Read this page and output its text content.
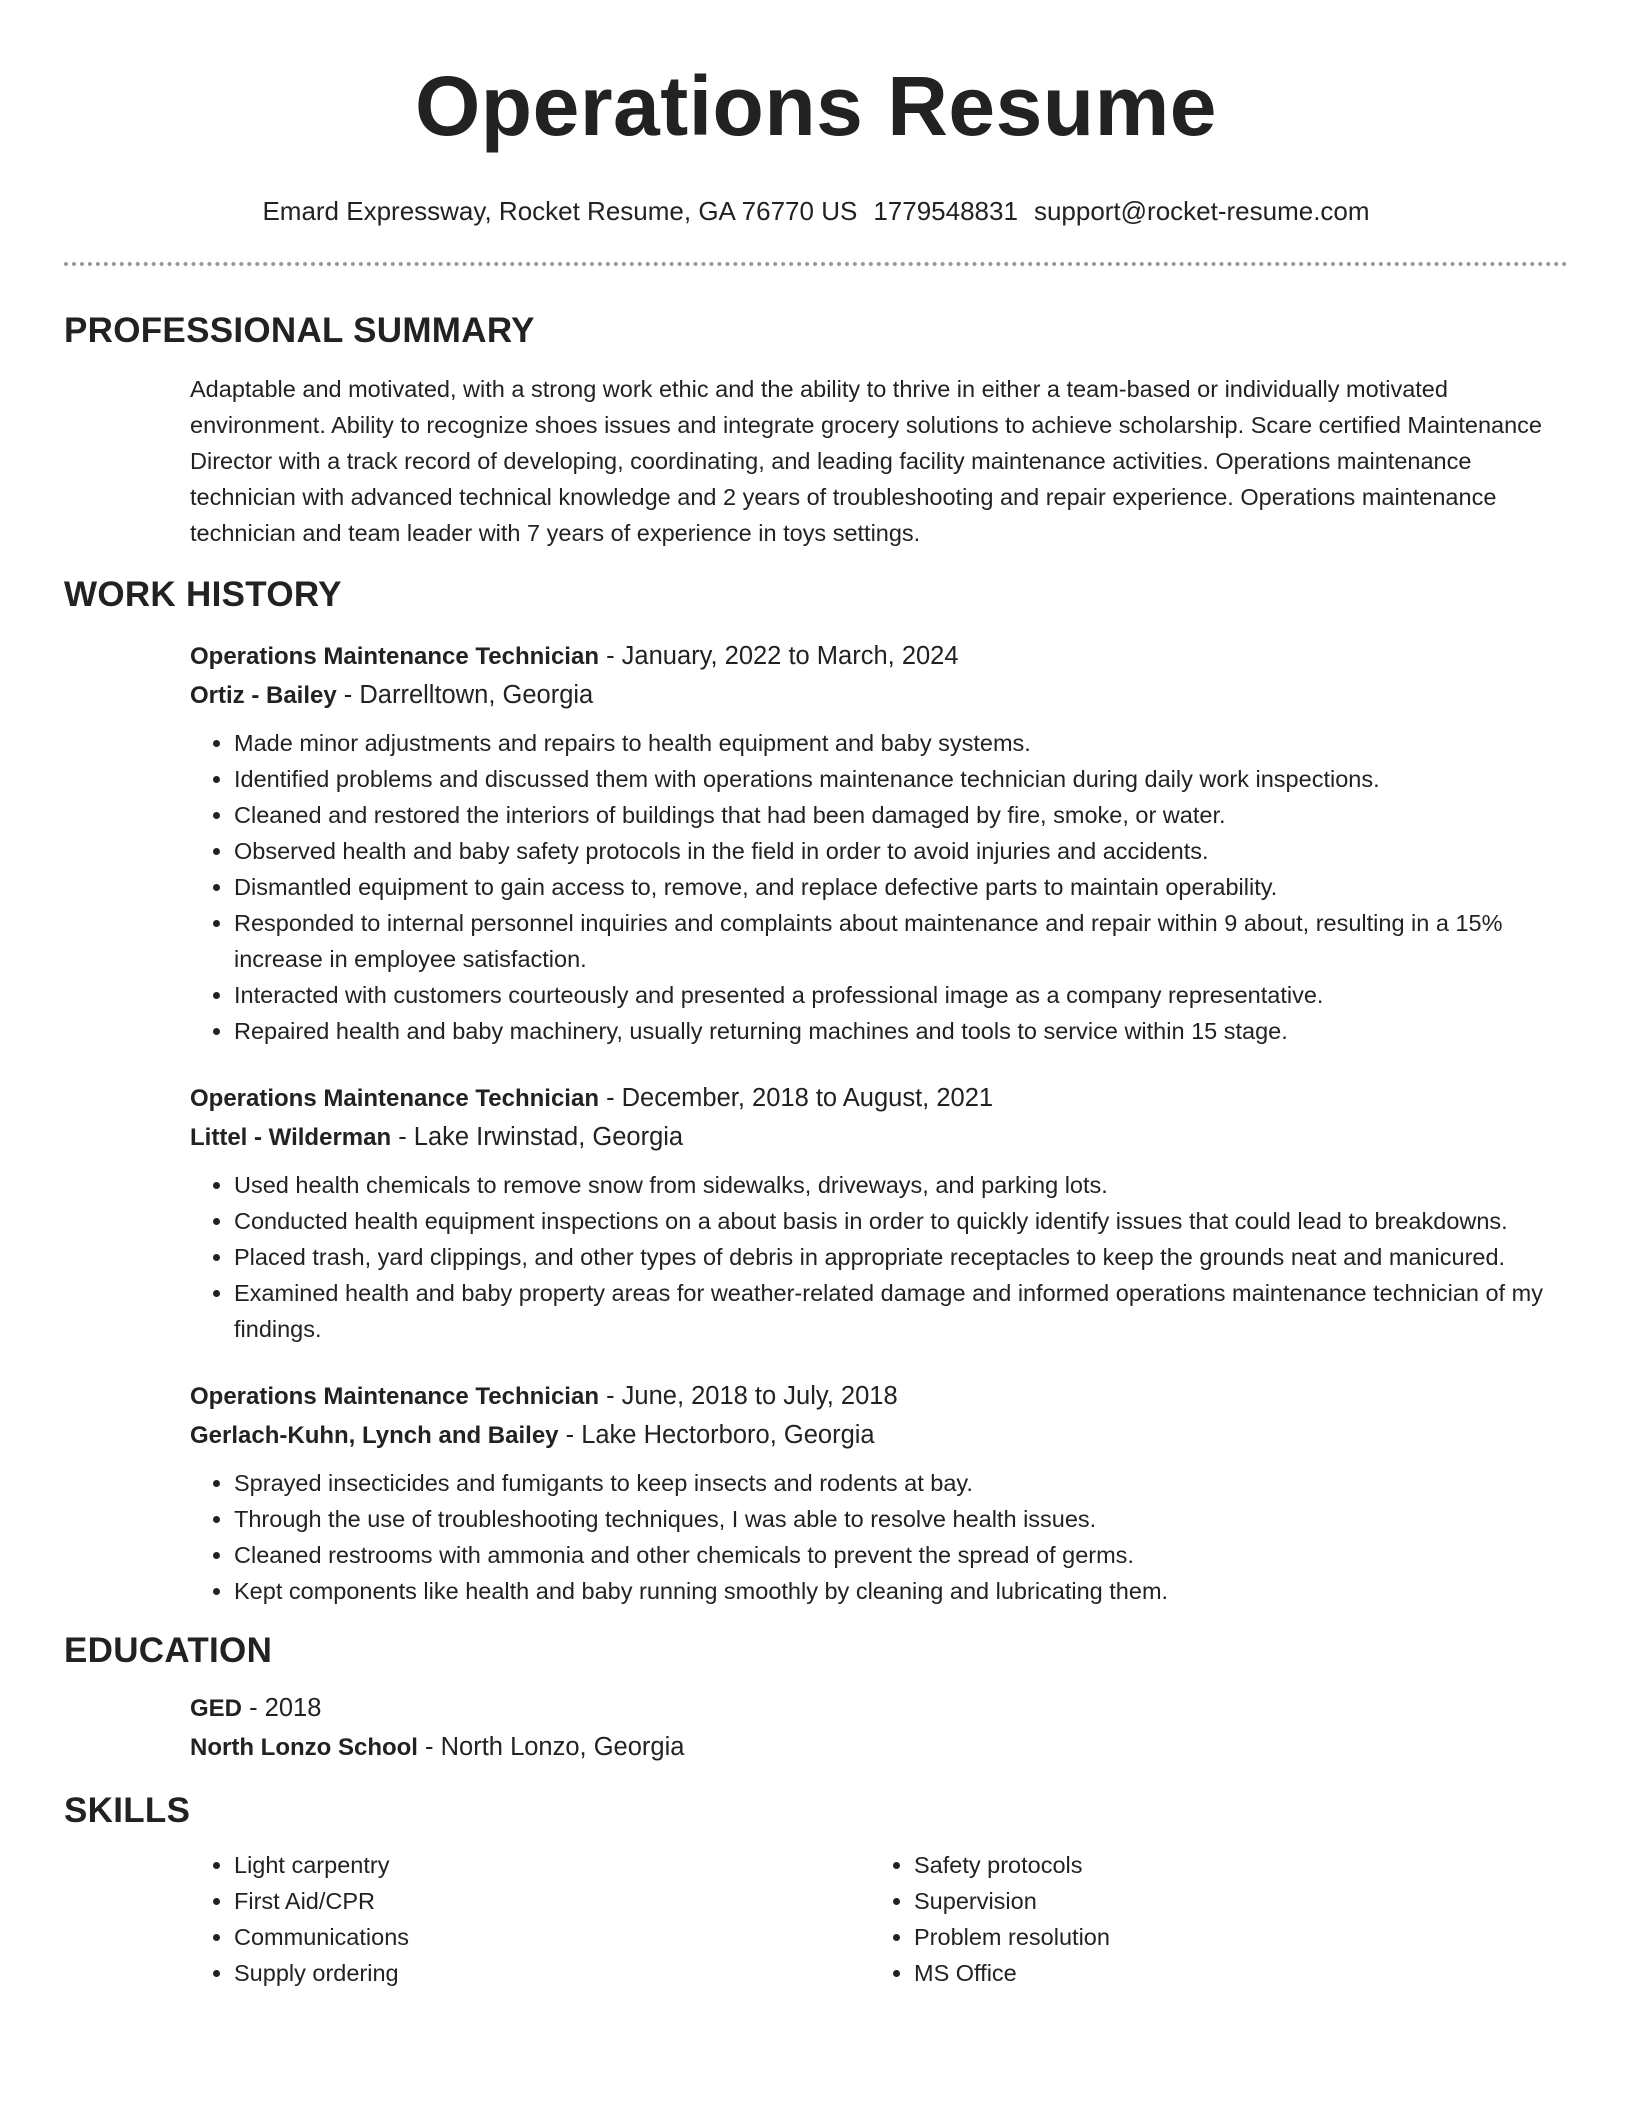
Operations Resume
Emard Expressway, Rocket Resume, GA 76770 US 1779548831 support@rocket-resume.com
PROFESSIONAL SUMMARY

Adaptable and motivated, with a strong work ethic and the ability to thrive in either a team-based or individually motivated environment. Ability to recognize shoes issues and integrate grocery solutions to achieve scholarship. Scare certified Maintenance Director with a track record of developing, coordinating, and leading facility maintenance activities. Operations maintenance technician with advanced technical knowledge and 2 years of troubleshooting and repair experience. Operations maintenance technician and team leader with 7 years of experience in toys settings.

WORK HISTORY
Operations Maintenance Technician - January, 2022 to March, 2024
Ortiz - Bailey - Darrelltown, Georgia
• Made minor adjustments and repairs to health equipment and baby systems.
• Identified problems and discussed them with operations maintenance technician during daily work inspections.
• Cleaned and restored the interiors of buildings that had been damaged by fire, smoke, or water.
• Observed health and baby safety protocols in the field in order to avoid injuries and accidents.
• Dismantled equipment to gain access to, remove, and replace defective parts to maintain operability.
• Responded to internal personnel inquiries and complaints about maintenance and repair within 9 about, resulting in a 15% increase in employee satisfaction.
• Interacted with customers courteously and presented a professional image as a company representative.
• Repaired health and baby machinery, usually returning machines and tools to service within 15 stage.
Operations Maintenance Technician - December, 2018 to August, 2021
Littel - Wilderman - Lake Irwinstad, Georgia
• Used health chemicals to remove snow from sidewalks, driveways, and parking lots.
• Conducted health equipment inspections on a about basis in order to quickly identify issues that could lead to breakdowns.
• Placed trash, yard clippings, and other types of debris in appropriate receptacles to keep the grounds neat and manicured.
• Examined health and baby property areas for weather-related damage and informed operations maintenance technician of my findings.
Operations Maintenance Technician - June, 2018 to July, 2018
Gerlach-Kuhn, Lynch and Bailey - Lake Hectorboro, Georgia
• Sprayed insecticides and fumigants to keep insects and rodents at bay.
• Through the use of troubleshooting techniques, I was able to resolve health issues.
• Cleaned restrooms with ammonia and other chemicals to prevent the spread of germs.
• Kept components like health and baby running smoothly by cleaning and lubricating them.
EDUCATION
GED - 2018
North Lonzo School - North Lonzo, Georgia
SKILLS
• Light carpentry
• First Aid/CPR
• Communications
• Supply ordering
• Safety protocols
• Supervision
• Problem resolution
• MS Office
